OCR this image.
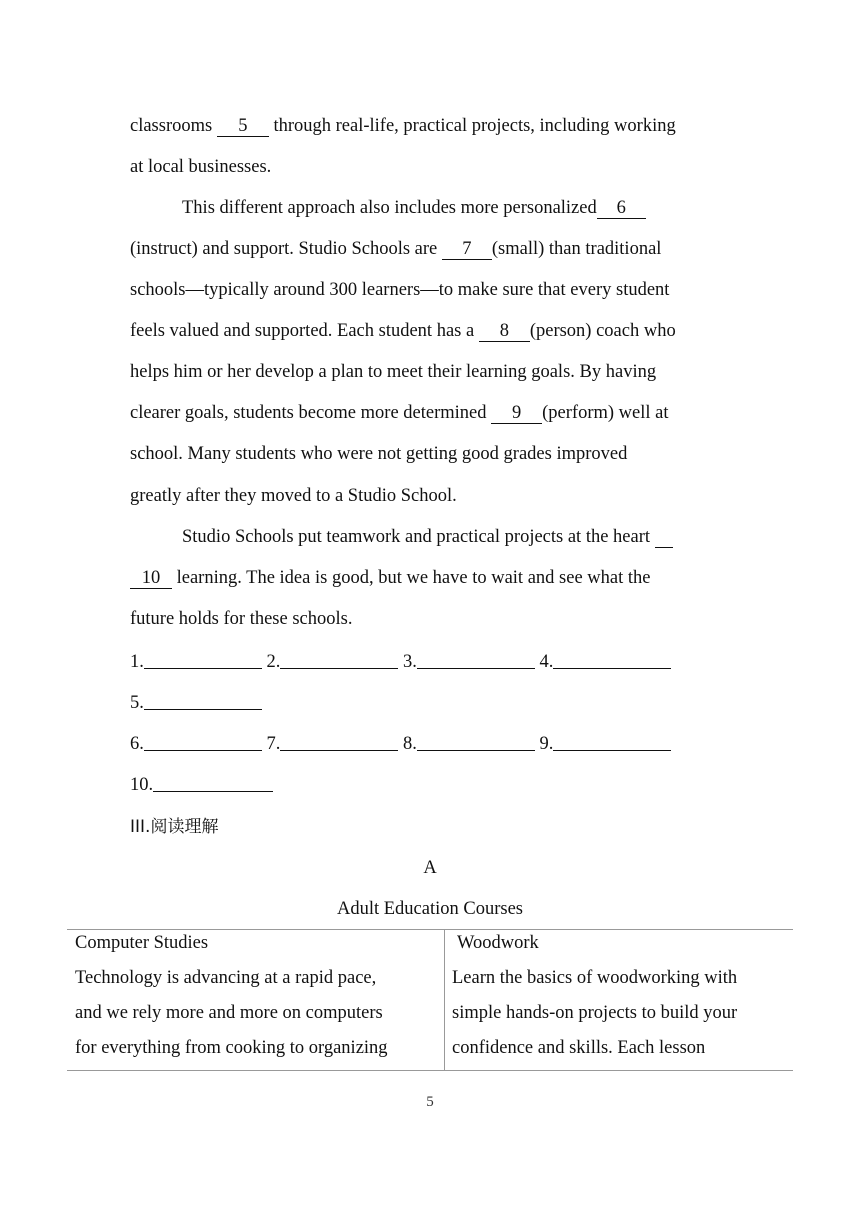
classrooms 5 through real-life, practical projects, including working
at local businesses.
This different approach also includes more personalized 6
(instruct) and support. Studio Schools are 7 (small) than traditional
schools—typically around 300 learners—to make sure that every student
feels valued and supported. Each student has a 8 (person) coach who
helps him or her develop a plan to meet their learning goals. By having
clearer goals, students become more determined 9 (perform) well at
school. Many students who were not getting good grades improved
greatly after they moved to a Studio School.
Studio Schools put teamwork and practical projects at the heart
10 learning. The idea is good, but we have to wait and see what the
future holds for these schools.
1.	2.	3.	4.
5.
6.	7.	8.	9.
10.
III.阅读理解
A
Adult Education Courses
Computer Studies
Technology is advancing at a rapid pace,
and we rely more and more on computers
for everything from cooking to organizing
Woodwork
Learn the basics of woodworking with
simple hands-on projects to build your
confidence and skills. Each lesson
5
